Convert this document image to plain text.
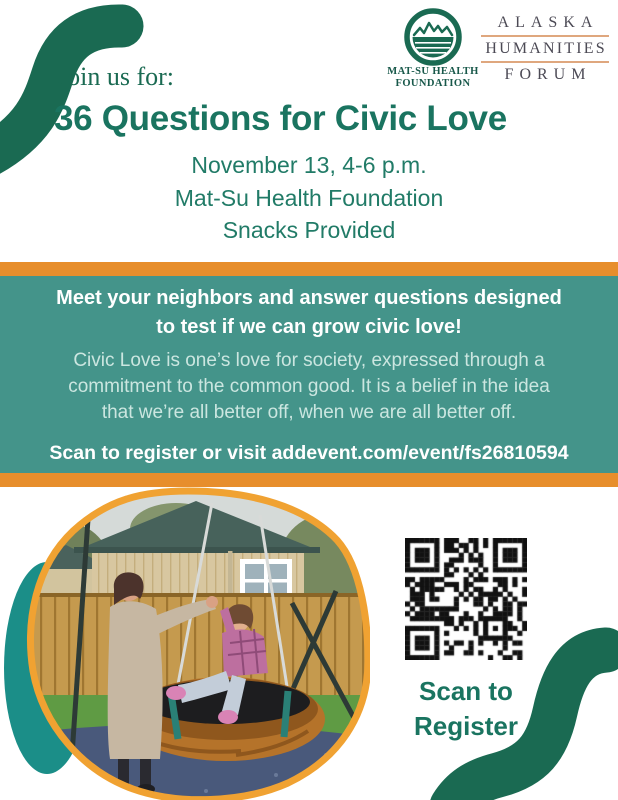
Join us for:
36 Questions for Civic Love
November 13, 4-6 p.m.
Mat-Su Health Foundation
Snacks Provided
MAT-SU HEALTH
FOUNDATION
ALASKA
HUMANITIES
FORUM
Meet your neighbors and answer questions designed
to test if we can grow civic love!
Civic Love is one’s love for society, expressed through a
commitment to the common good. It is a belief in the idea
that we’re all better off, when we are all better off.
Scan to register or visit addevent.com/event/fs26810594
Scan to
Register
